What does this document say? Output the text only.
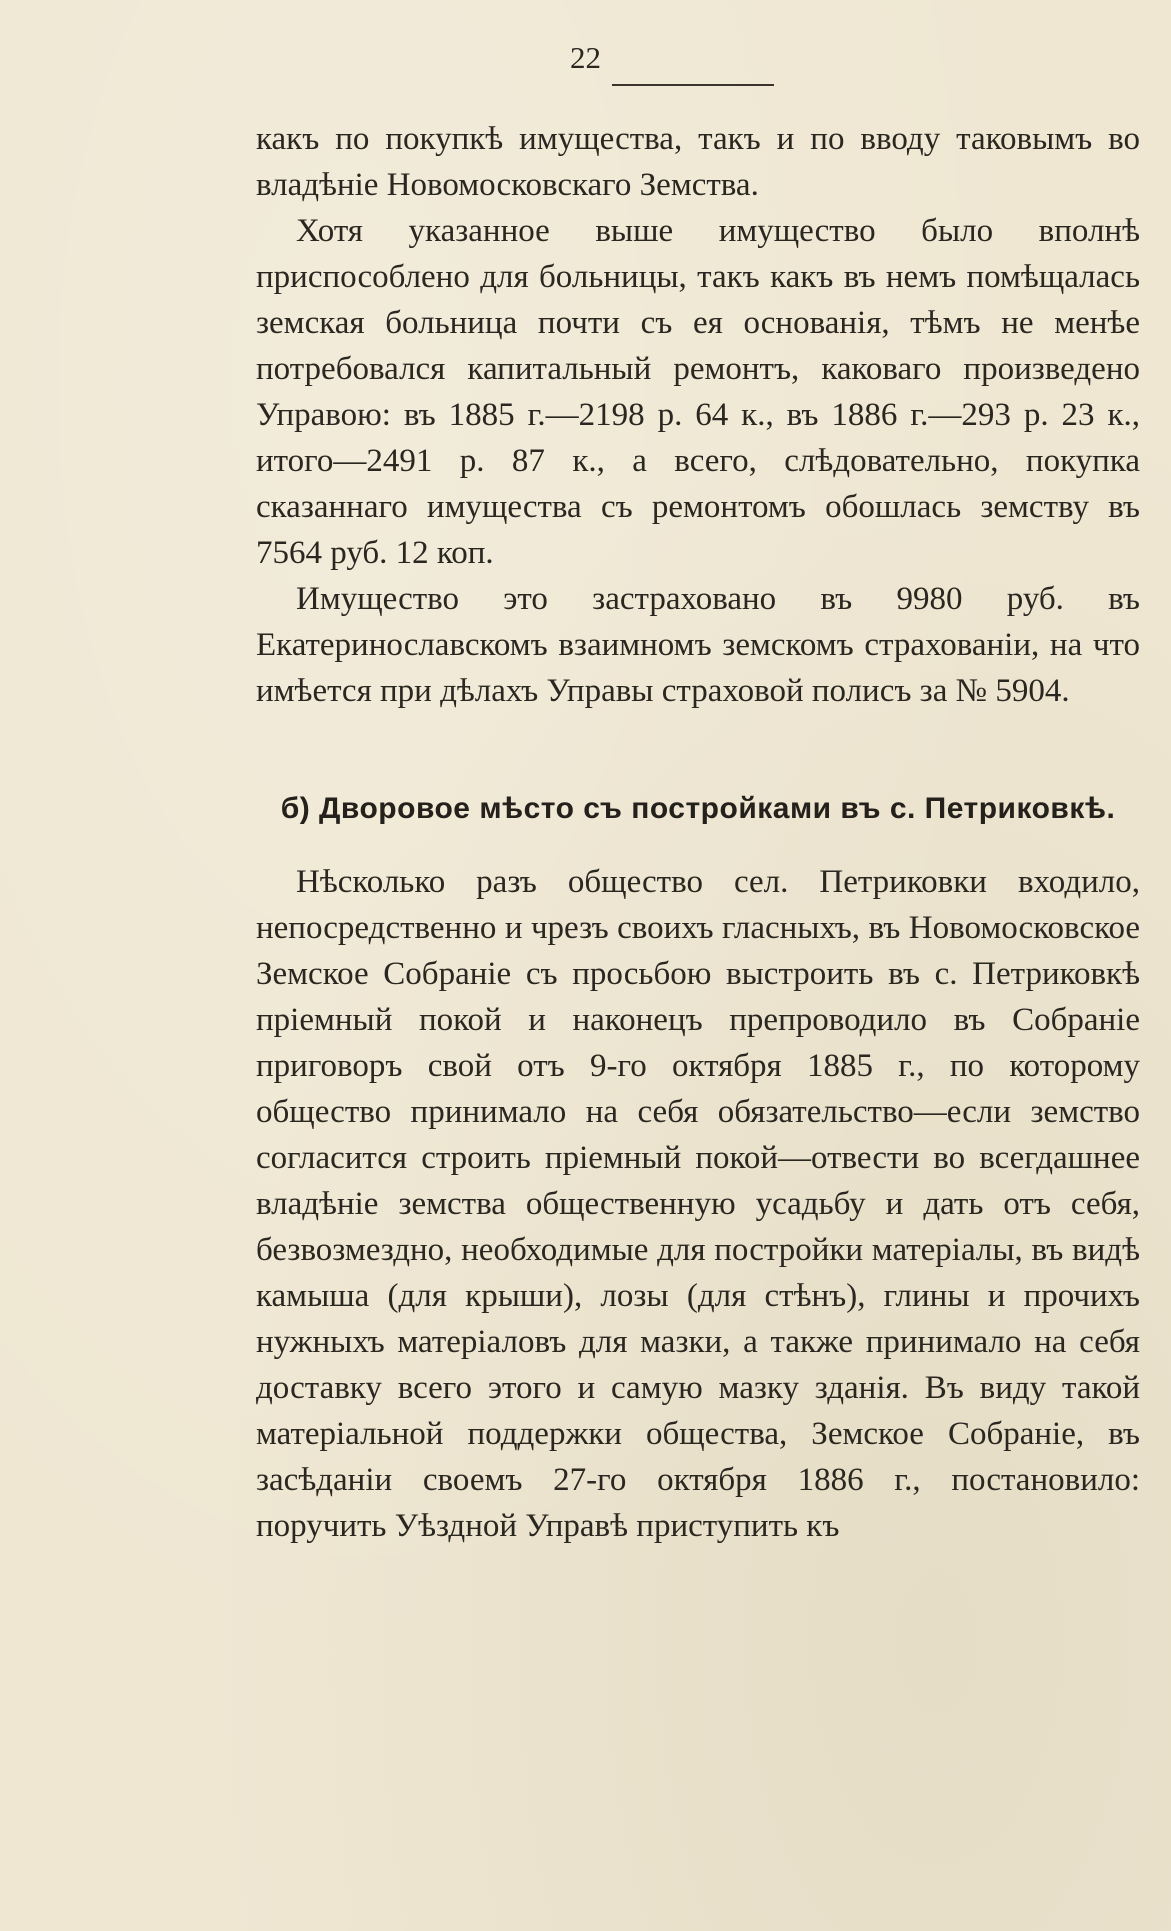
22

какъ по покупкѣ имущества, такъ и по вводу таковымъ во владѣніе Новомосковскаго Земства.

Хотя указанное выше имущество было вполнѣ приспособлено для больницы, такъ какъ въ немъ помѣщалась земская больница почти съ ея основанія, тѣмъ не менѣе потребовался капитальный ремонтъ, каковаго произведено Управою: въ 1885 г.—2198 р. 64 к., въ 1886 г.—293 р. 23 к., итого—2491 р. 87 к., а всего, слѣдовательно, покупка сказаннаго имущества съ ремонтомъ обошлась земству въ 7564 руб. 12 коп.

Имущество это застраховано въ 9980 руб. въ Екатеринославскомъ взаимномъ земскомъ страхованіи, на что имѣется при дѣлахъ Управы страховой полисъ за № 5904.

б) Дворовое мѣсто съ постройками въ с. Петриковкѣ.

Нѣсколько разъ общество сел. Петриковки входило, непосредственно и чрезъ своихъ гласныхъ, въ Новомосковское Земское Собраніе съ просьбою выстроить въ с. Петриковкѣ пріемный покой и наконецъ препроводило въ Собраніе приговоръ свой отъ 9-го октября 1885 г., по которому общество принимало на себя обязательство—если земство согласится строить пріемный покой—отвести во всегдашнее владѣніе земства общественную усадьбу и дать отъ себя, безвозмездно, необходимые для постройки матеріалы, въ видѣ камыша (для крыши), лозы (для стѣнъ), глины и прочихъ нужныхъ матеріаловъ для мазки, а также принимало на себя доставку всего этого и самую мазку зданія. Въ виду такой матеріальной поддержки общества, Земское Собраніе, въ засѣданіи своемъ 27-го октября 1886 г., постановило: поручить Уѣздной Управѣ приступить къ
